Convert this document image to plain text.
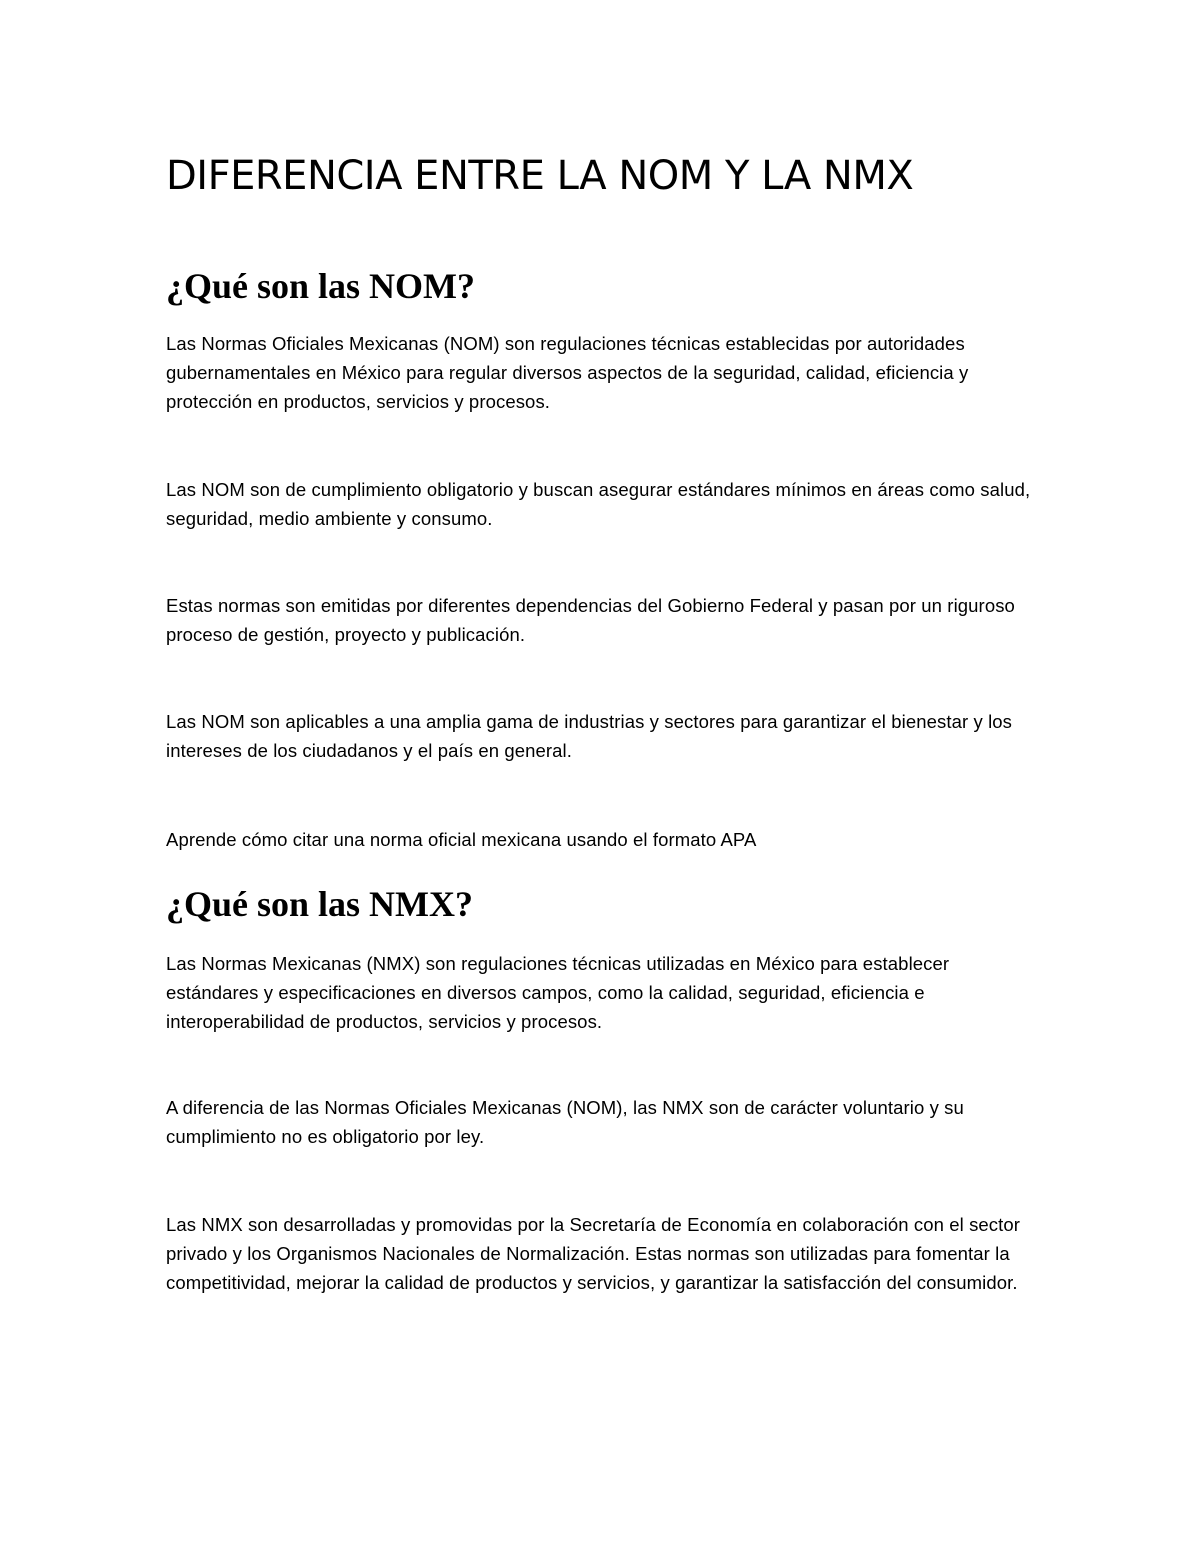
DIFERENCIA ENTRE LA NOM Y LA NMX
¿Qué son las NOM?

Las Normas Oficiales Mexicanas (NOM) son regulaciones técnicas establecidas por autoridades gubernamentales en México para regular diversos aspectos de la seguridad, calidad, eficiencia y protección en productos, servicios y procesos.

Las NOM son de cumplimiento obligatorio y buscan asegurar estándares mínimos en áreas como salud, seguridad, medio ambiente y consumo.

Estas normas son emitidas por diferentes dependencias del Gobierno Federal y pasan por un riguroso proceso de gestión, proyecto y publicación.

Las NOM son aplicables a una amplia gama de industrias y sectores para garantizar el bienestar y los intereses de los ciudadanos y el país en general.

Aprende cómo citar una norma oficial mexicana usando el formato APA

¿Qué son las NMX?

Las Normas Mexicanas (NMX) son regulaciones técnicas utilizadas en México para establecer estándares y especificaciones en diversos campos, como la calidad, seguridad, eficiencia e interoperabilidad de productos, servicios y procesos.

A diferencia de las Normas Oficiales Mexicanas (NOM), las NMX son de carácter voluntario y su cumplimiento no es obligatorio por ley.

Las NMX son desarrolladas y promovidas por la Secretaría de Economía en colaboración con el sector privado y los Organismos Nacionales de Normalización. Estas normas son utilizadas para fomentar la competitividad, mejorar la calidad de productos y servicios, y garantizar la satisfacción del consumidor.
